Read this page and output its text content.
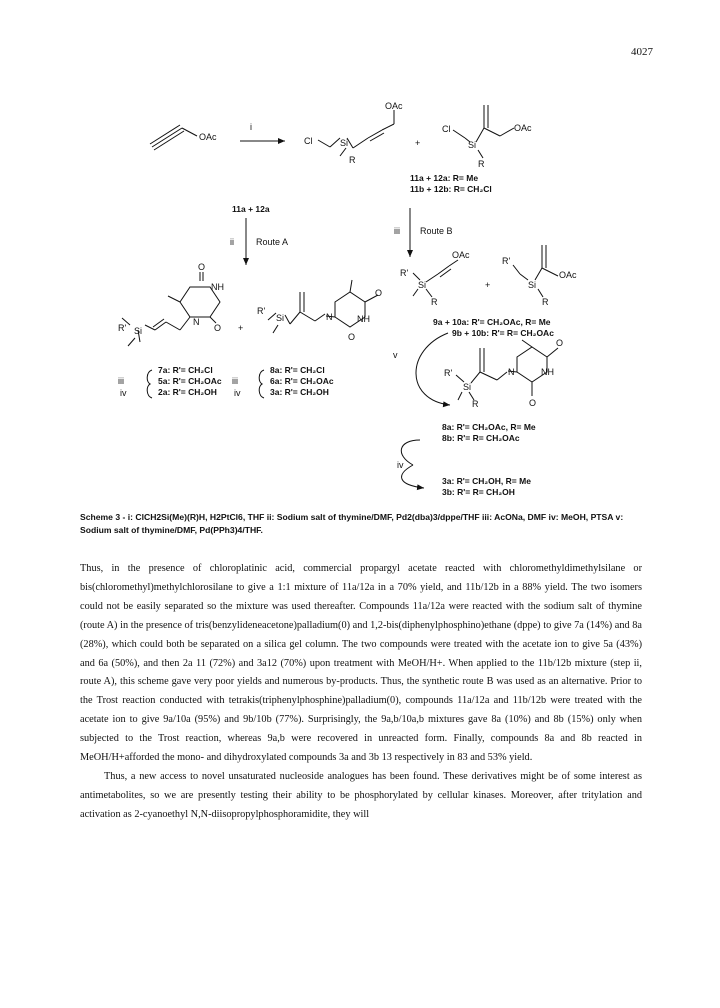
4027
OAc
i
Cl	Si
R
OAc
+
Cl
Si
R
OAc
11a + 12a: R= Me
11b + 12b: R= CH₂Cl
11a + 12a
ii Route A
iii Route B
O
NH
O
N
R' Si	+
R'
Si	N
O
NH
O
OAc
R'
Si
R
+
R'
Si
R
OAc
9a + 10a: R'= CH₂OAc, R= Me
9b + 10b: R'= R= CH₂OAc
v
iii
iv
7a: R'= CH₂Cl
5a: R'= CH₂OAc
2a: R'= CH₂OH
iii
iv
8a: R'= CH₂Cl
6a: R'= CH₂OAc
3a: R'= CH₂OH
R'
Si
R
N
O
NH
O
8a: R'= CH₂OAc, R= Me
8b: R'= R= CH₂OAc
iv
3a: R'= CH₂OH, R= Me
3b: R'= R= CH₂OH
Scheme 3 - i: ClCH2Si(Me)(R)H, H2PtCl6, THF ii: Sodium salt of thymine/DMF, Pd2(dba)3/dppe/THF iii: AcONa, DMF iv: MeOH, PTSA v: Sodium salt of thymine/DMF, Pd(PPh3)4/THF.

Thus, in the presence of chloroplatinic acid, commercial propargyl acetate reacted with chloromethyldimethylsilane or bis(chloromethyl)methylchlorosilane to give a 1:1 mixture of 11a/12a in a 70% yield, and 11b/12b in a 88% yield. The two isomers could not be easily separated so the mixture was used thereafter. Compounds 11a/12a were reacted with the sodium salt of thymine (route A) in the presence of tris(benzylideneacetone)palladium(0) and 1,2-bis(diphenylphosphino)ethane (dppe) to give 7a (14%) and 8a (28%), which could both be separated on a silica gel column. The two compounds were treated with the acetate ion to give 5a (43%) and 6a (50%), and then 2a 11 (72%) and 3a12 (70%) upon treatment with MeOH/H+. When applied to the 11b/12b mixture (step ii, route A), this scheme gave very poor yields and numerous by-products. Thus, the synthetic route B was used as an alternative. Prior to the Trost reaction conducted with tetrakis(triphenylphosphine)palladium(0), compounds 11a/12a and 11b/12b were treated with the acetate ion to give 9a/10a (95%) and 9b/10b (77%). Surprisingly, the 9a,b/10a,b mixtures gave 8a (10%) and 8b (15%) only when subjected to the Trost reaction, whereas 9a,b were recovered in unreacted form. Finally, compounds 8a and 8b reacted in MeOH/H+afforded the mono- and dihydroxylated compounds 3a and 3b 13 respectively in 83 and 53% yield.

Thus, a new access to novel unsaturated nucleoside analogues has been found. These derivatives might be of some interest as antimetabolites, so we are presently testing their ability to be phosphorylated by cellular kinases. Moreover, after tritylation and activation as 2-cyanoethyl N,N-diisopropylphosphoramidite, they will
